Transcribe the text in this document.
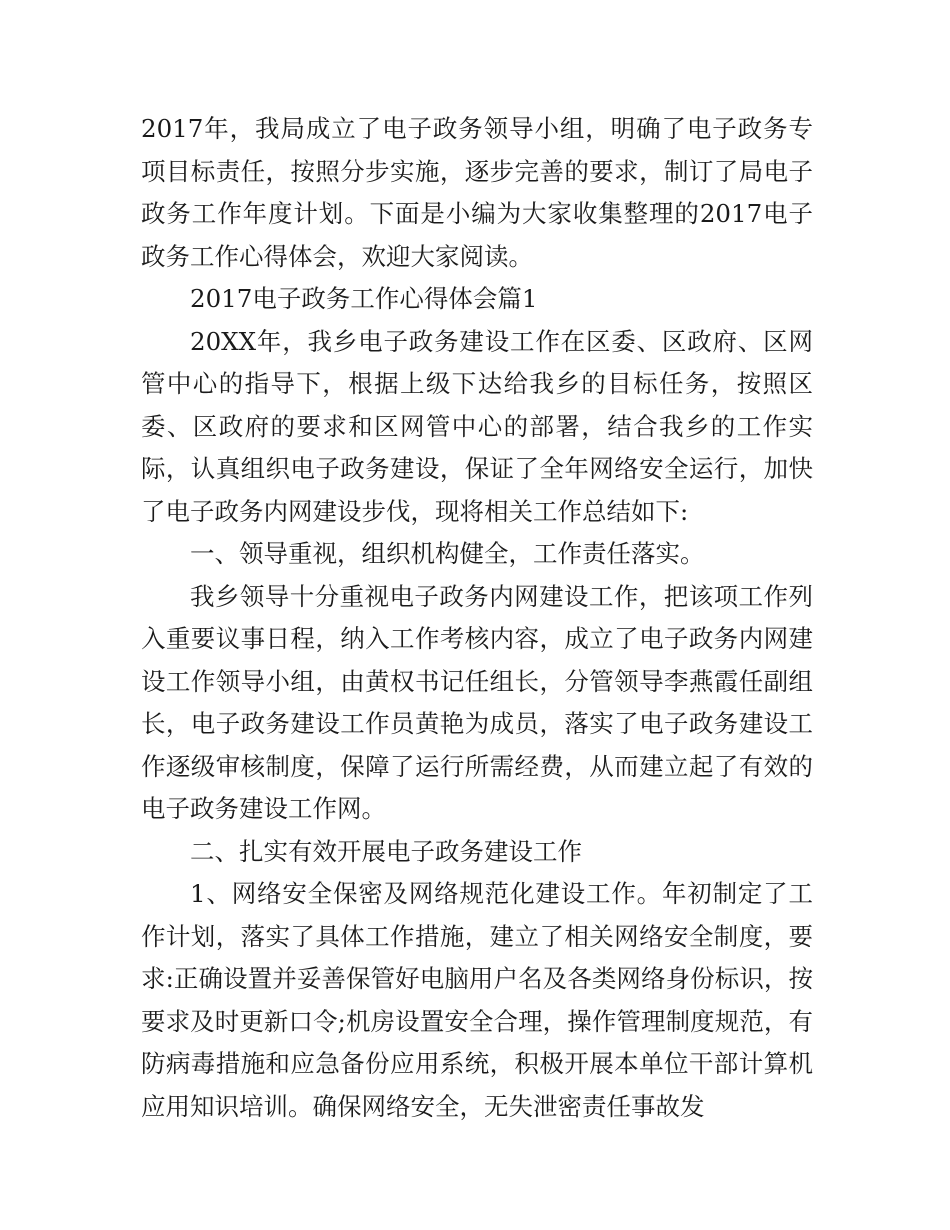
2017年，我局成立了电子政务领导小组，明确了电子政务专项目标责任，按照分步实施，逐步完善的要求，制订了局电子政务工作年度计划。下面是小编为大家收集整理的2017电子政务工作心得体会，欢迎大家阅读。

2017电子政务工作心得体会篇1

20XX年，我乡电子政务建设工作在区委、区政府、区网管中心的指导下，根据上级下达给我乡的目标任务，按照区委、区政府的要求和区网管中心的部署，结合我乡的工作实际，认真组织电子政务建设，保证了全年网络安全运行，加快了电子政务内网建设步伐，现将相关工作总结如下:

一、领导重视，组织机构健全，工作责任落实。

我乡领导十分重视电子政务内网建设工作，把该项工作列入重要议事日程，纳入工作考核内容，成立了电子政务内网建设工作领导小组，由黄权书记任组长，分管领导李燕霞任副组长，电子政务建设工作员黄艳为成员，落实了电子政务建设工作逐级审核制度，保障了运行所需经费，从而建立起了有效的电子政务建设工作网。

二、扎实有效开展电子政务建设工作

1、网络安全保密及网络规范化建设工作。年初制定了工作计划，落实了具体工作措施，建立了相关网络安全制度，要求:正确设置并妥善保管好电脑用户名及各类网络身份标识，按要求及时更新口令;机房设置安全合理，操作管理制度规范，有防病毒措施和应急备份应用系统，积极开展本单位干部计算机应用知识培训。确保网络安全，无失泄密责任事故发
